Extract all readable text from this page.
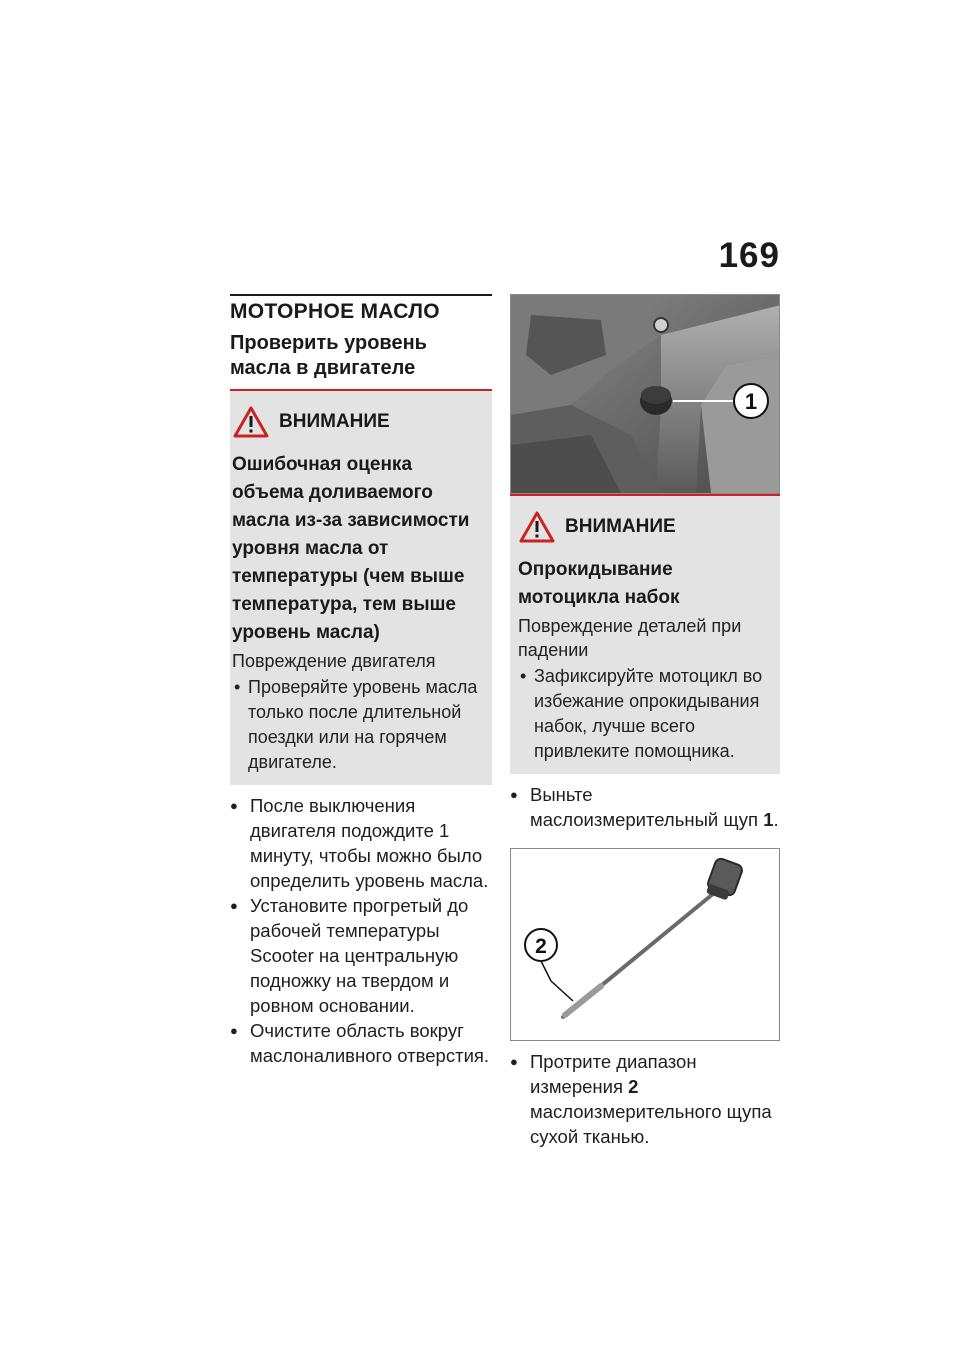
169
МОТОРНОЕ МАСЛО
Проверить уровень масла в двигателе
ВНИМАНИЕ
Ошибочная оценка объема доливаемого масла из-за зависимости уровня масла от температуры (чем выше температура, тем выше уровень масла)
Повреждение двигателя
• Проверяйте уровень масла только после длительной поездки или на горячем двигателе.
● После выключения двигателя подождите 1 минуту, чтобы можно было определить уровень масла.
● Установите прогретый до рабочей температуры Scooter на центральную подножку на твердом и ровном основании.
● Очистите область вокруг маслоналивного отверстия.
1
ВНИМАНИЕ
Опрокидывание мотоцикла набок
Повреждение деталей при падении
• Зафиксируйте мотоцикл во избежание опрокидывания набок, лучше всего привлеките помощника.
● Выньте маслоизмерительный щуп 1.
2
● Протрите диапазон измерения 2 маслоизмерительного щупа сухой тканью.
